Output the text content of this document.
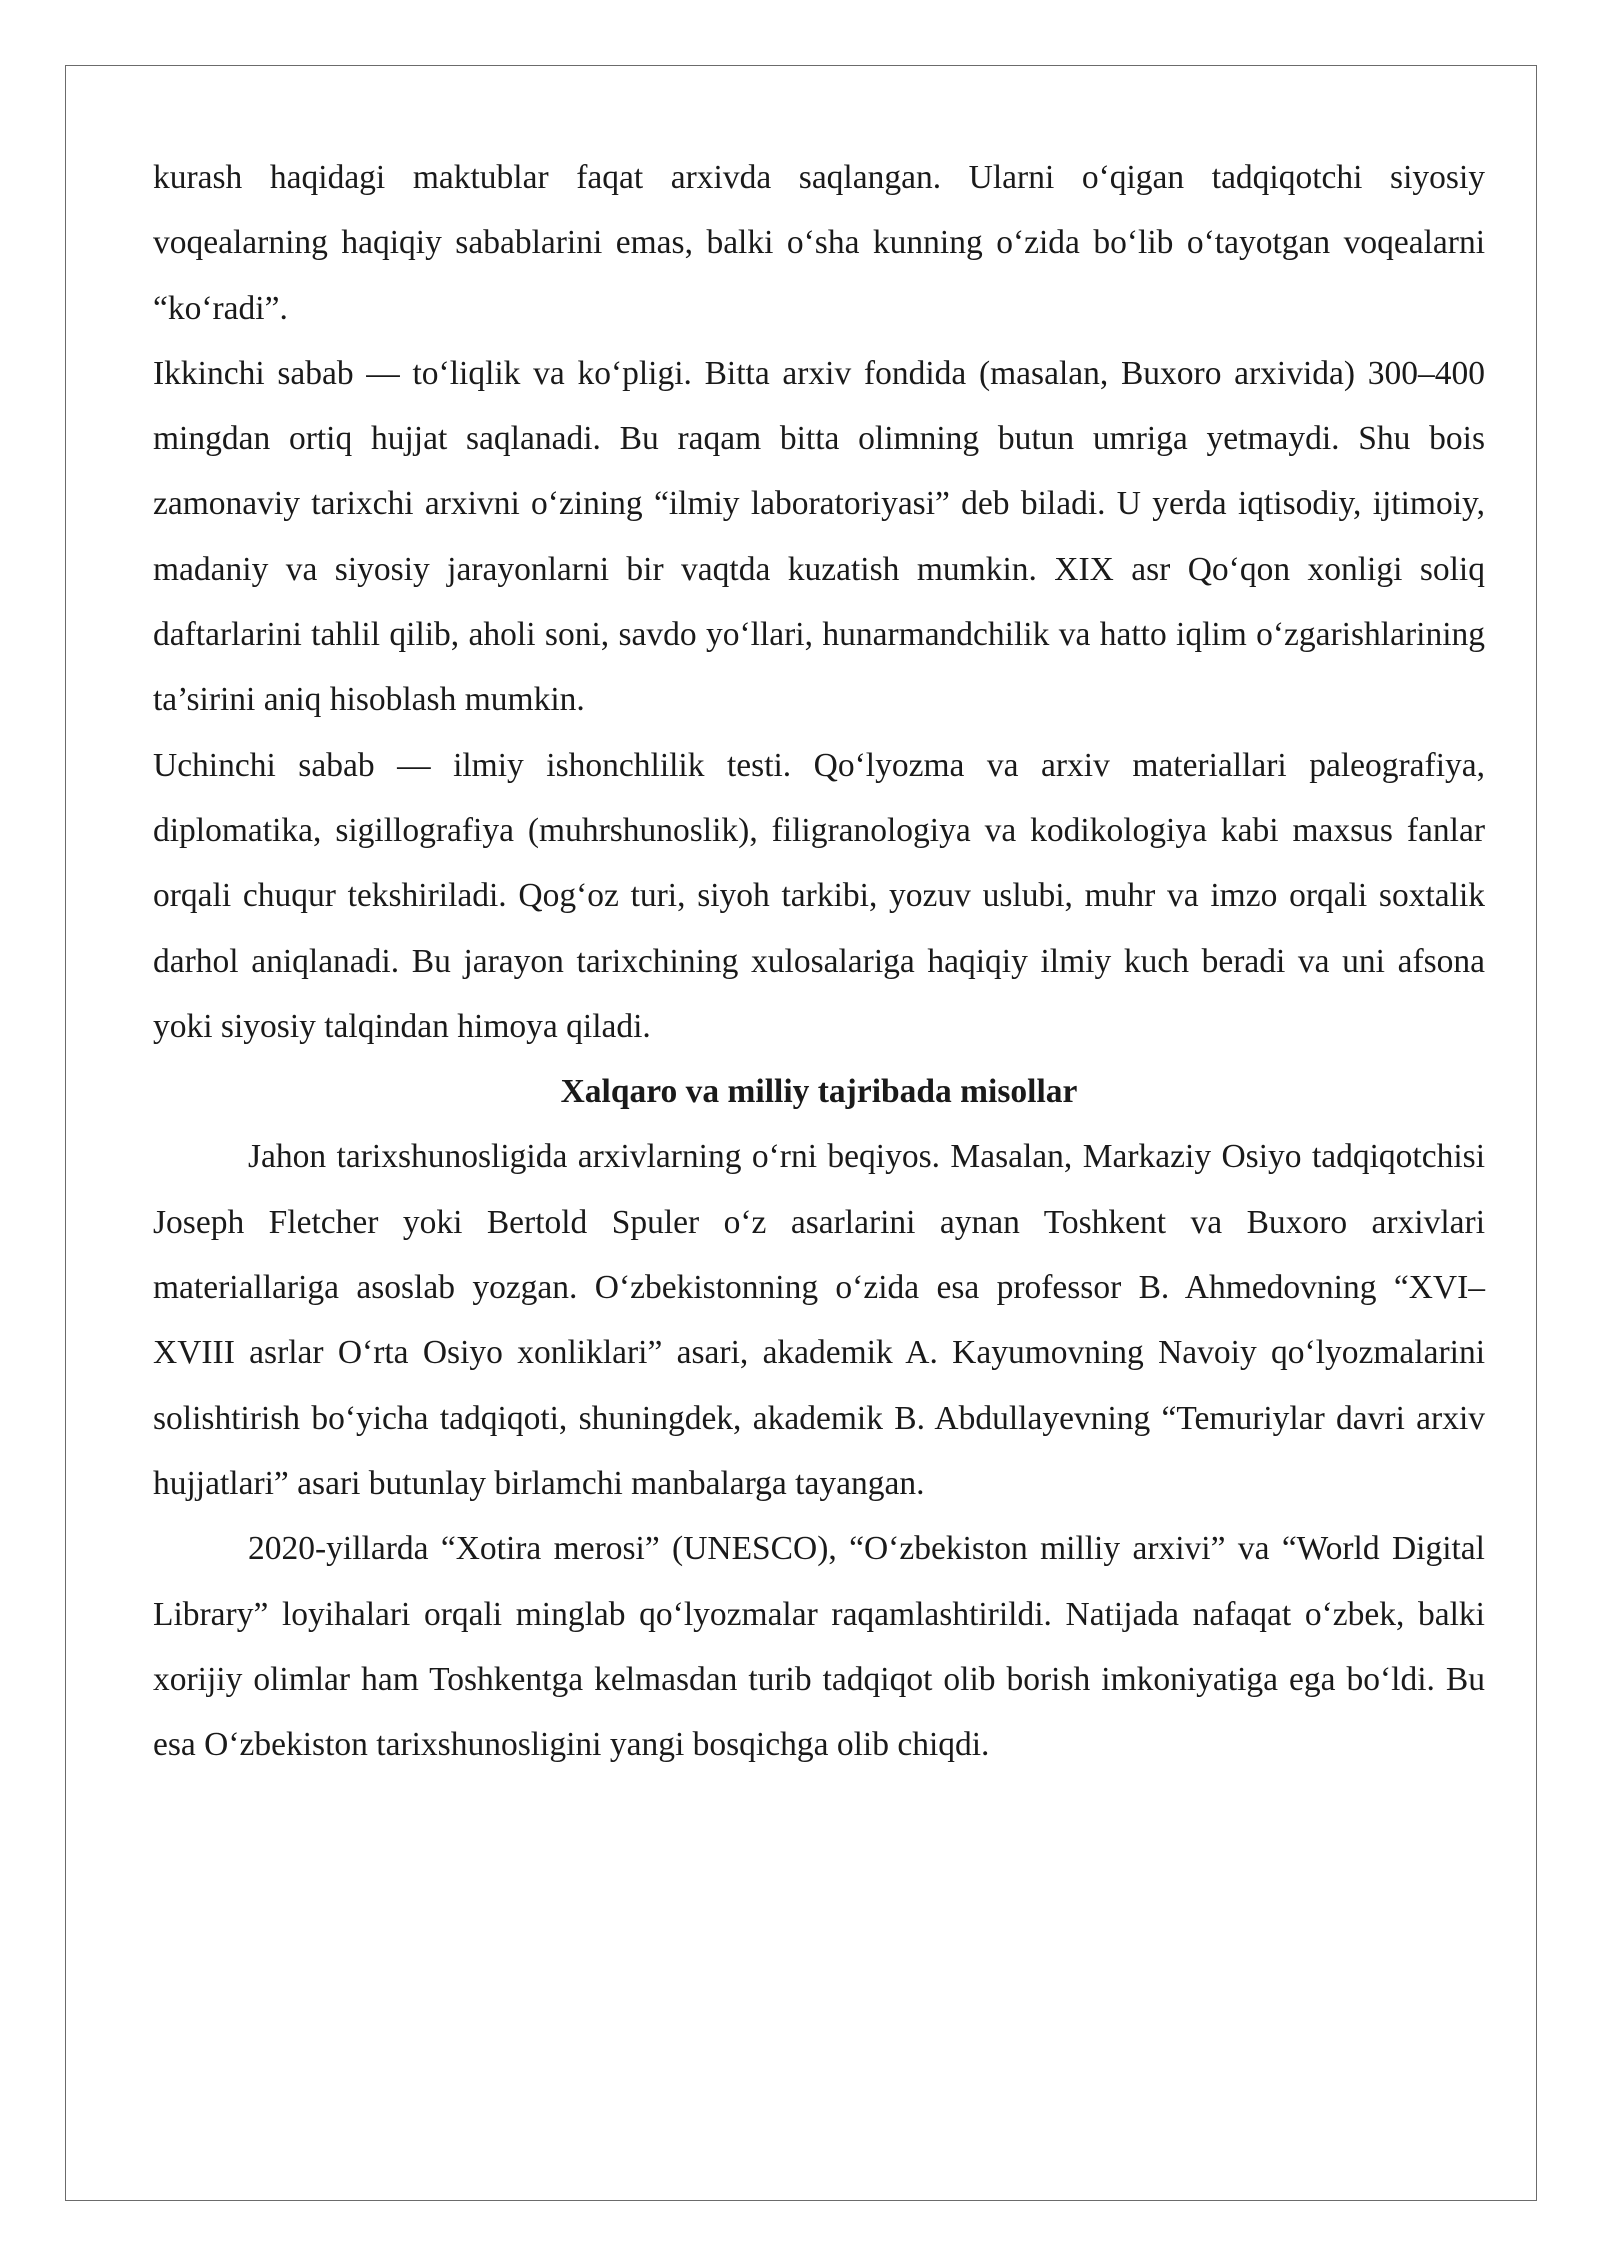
kurash haqidagi maktublar faqat arxivda saqlangan. Ularni o‘qigan tadqiqotchi siyosiy voqealarning haqiqiy sabablarini emas, balki o‘sha kunning o‘zida bo‘lib o‘tayotgan voqealarni “ko‘radi”.

Ikkinchi sabab — to‘liqlik va ko‘pligi. Bitta arxiv fondida (masalan, Buxoro arxivida) 300–400 mingdan ortiq hujjat saqlanadi. Bu raqam bitta olimning butun umriga yetmaydi. Shu bois zamonaviy tarixchi arxivni o‘zining “ilmiy laboratoriyasi” deb biladi. U yerda iqtisodiy, ijtimoiy, madaniy va siyosiy jarayonlarni bir vaqtda kuzatish mumkin. XIX asr Qo‘qon xonligi soliq daftarlarini tahlil qilib, aholi soni, savdo yo‘llari, hunarmandchilik va hatto iqlim o‘zgarishlarining ta’sirini aniq hisoblash mumkin.

Uchinchi sabab — ilmiy ishonchlilik testi. Qo‘lyozma va arxiv materiallari paleografiya, diplomatika, sigillografiya (muhrshunoslik), filigranologiya va kodikologiya kabi maxsus fanlar orqali chuqur tekshiriladi. Qog‘oz turi, siyoh tarkibi, yozuv uslubi, muhr va imzo orqali soxtalik darhol aniqlanadi. Bu jarayon tarixchining xulosalariga haqiqiy ilmiy kuch beradi va uni afsona yoki siyosiy talqindan himoya qiladi.

Xalqaro va milliy tajribada misollar

Jahon tarixshunosligida arxivlarning o‘rni beqiyos. Masalan, Markaziy Osiyo tadqiqotchisi Joseph Fletcher yoki Bertold Spuler o‘z asarlarini aynan Toshkent va Buxoro arxivlari materiallariga asoslab yozgan. O‘zbekistonning o‘zida esa professor B. Ahmedovning “XVI–XVIII asrlar O‘rta Osiyo xonliklari” asari, akademik A. Kayumovning Navoiy qo‘lyozmalarini solishtirish bo‘yicha tadqiqoti, shuningdek, akademik B. Abdullayevning “Temuriylar davri arxiv hujjatlari” asari butunlay birlamchi manbalarga tayangan.

2020-yillarda “Xotira merosi” (UNESCO), “O‘zbekiston milliy arxivi” va “World Digital Library” loyihalari orqali minglab qo‘lyozmalar raqamlashtirildi. Natijada nafaqat o‘zbek, balki xorijiy olimlar ham Toshkentga kelmasdan turib tadqiqot olib borish imkoniyatiga ega bo‘ldi. Bu esa O‘zbekiston tarixshunosligini yangi bosqichga olib chiqdi.
